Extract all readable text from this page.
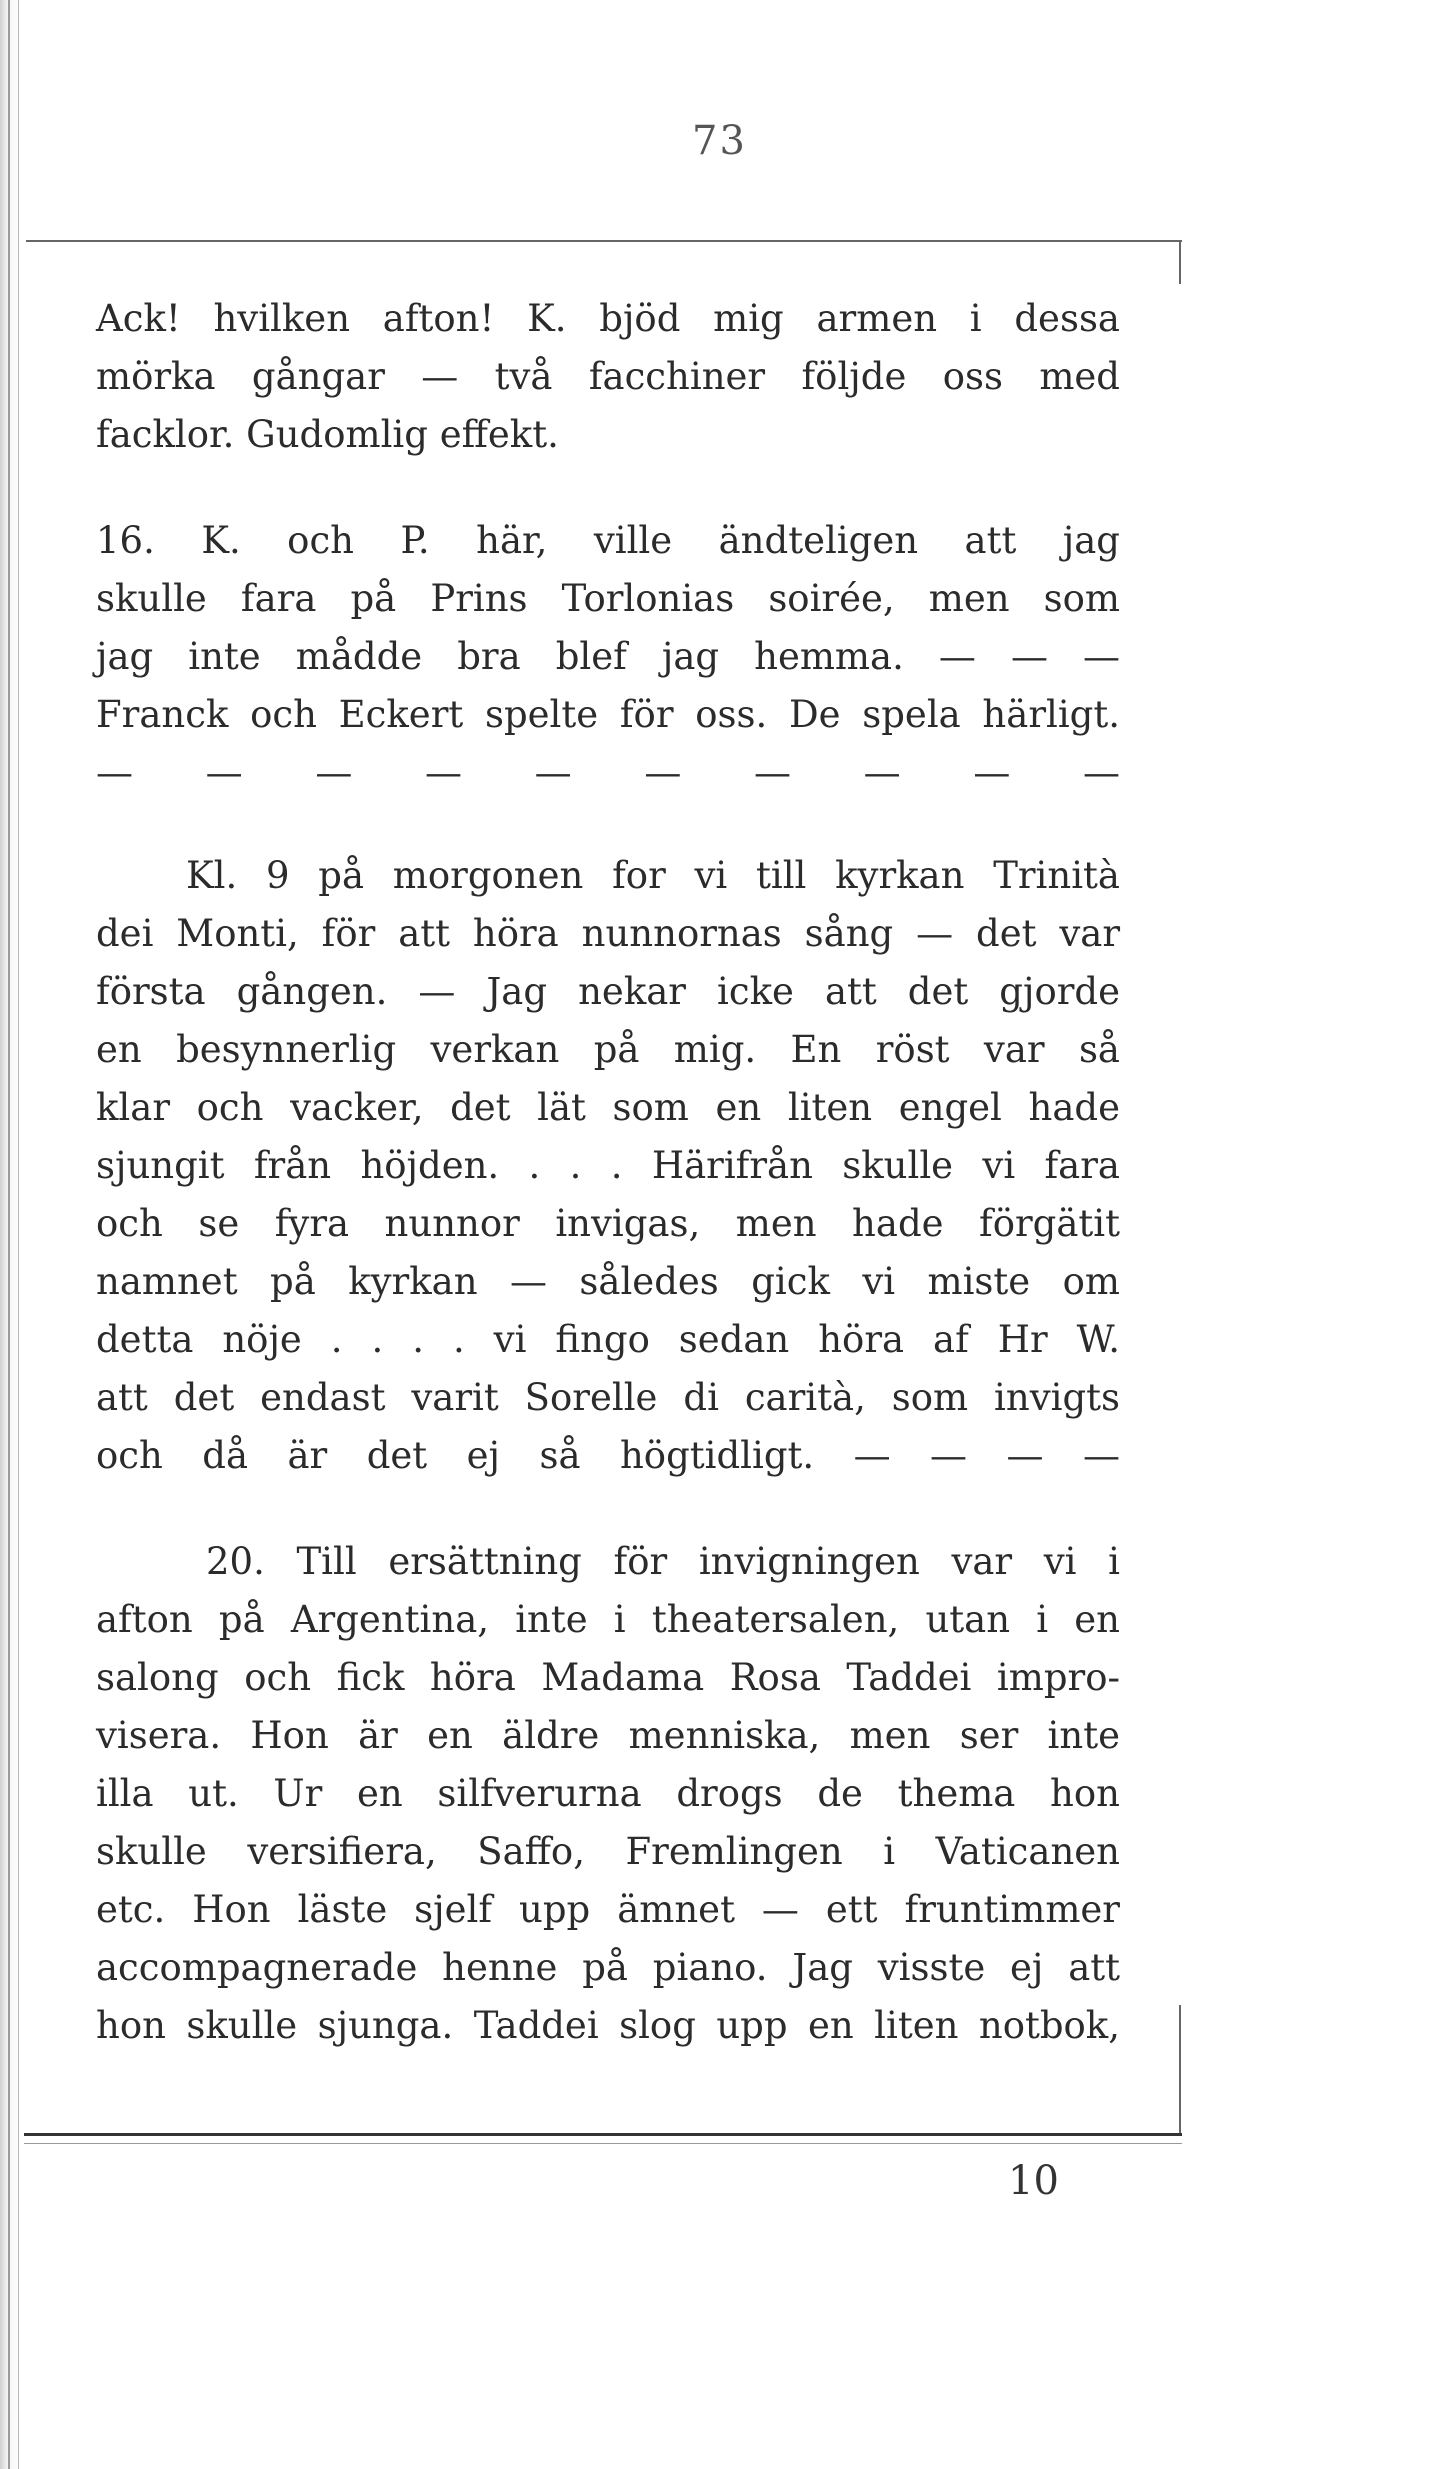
73
Ack! hvilken afton! K. bjöd mig armen i dessa
mörka gångar — två facchiner följde oss med
facklor. Gudomlig effekt.
16. K. och P. här, ville ändteligen att jag
skulle fara på Prins Torlonias soirée, men som
jag inte mådde bra blef jag hemma. — — —
Franck och Eckert spelte för oss. De spela härligt.
— — — — — — — — — —
Kl. 9 på morgonen for vi till kyrkan Trinità
dei Monti, för att höra nunnornas sång — det var
första gången. — Jag nekar icke att det gjorde
en besynnerlig verkan på mig. En röst var så
klar och vacker, det lät som en liten engel hade
sjungit från höjden. . . . Härifrån skulle vi fara
och se fyra nunnor invigas, men hade förgätit
namnet på kyrkan — således gick vi miste om
detta nöje . . . . vi fingo sedan höra af Hr W.
att det endast varit Sorelle di carità, som invigts
och då är det ej så högtidligt. — — — —
20. Till ersättning för invigningen var vi i
afton på Argentina, inte i theatersalen, utan i en
salong och fick höra Madama Rosa Taddei impro-
visera. Hon är en äldre menniska, men ser inte
illa ut. Ur en silfverurna drogs de thema hon
skulle versifiera, Saffo, Fremlingen i Vaticanen
etc. Hon läste sjelf upp ämnet — ett fruntimmer
accompagnerade henne på piano. Jag visste ej att
hon skulle sjunga. Taddei slog upp en liten notbok,
10
